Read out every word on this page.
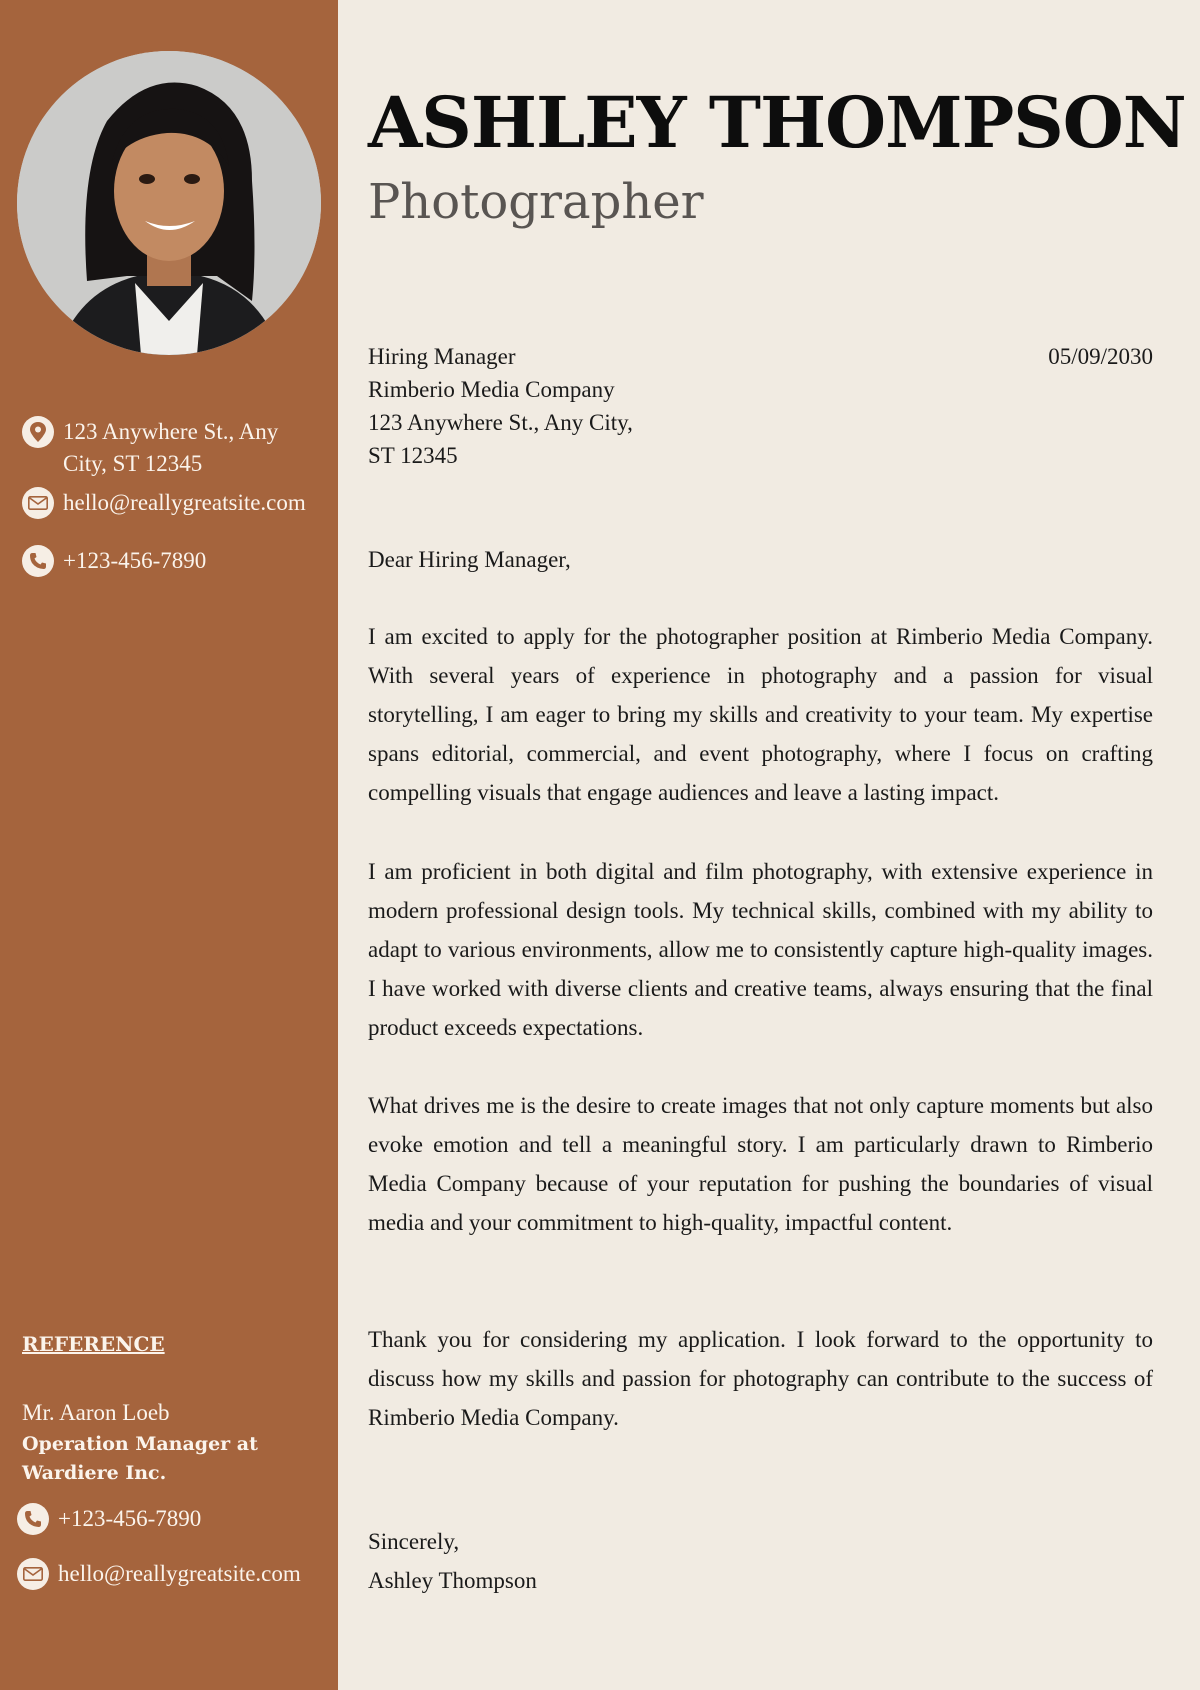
123 Anywhere St., Any City, ST 12345
hello@reallygreatsite.com
+123-456-7890
REFERENCE
Mr. Aaron Loeb
Operation Manager at Wardiere Inc.
+123-456-7890
hello@reallygreatsite.com
ASHLEY THOMPSON
Photographer
Hiring Manager
Rimberio Media Company
123 Anywhere St., Any City,
ST 12345
05/09/2030
Dear Hiring Manager,

I am excited to apply for the photographer position at Rimberio Media Company. With several years of experience in photography and a passion for visual storytelling, I am eager to bring my skills and creativity to your team. My expertise spans editorial, commercial, and event photography, where I focus on crafting compelling visuals that engage audiences and leave a lasting impact.

I am proficient in both digital and film photography, with extensive experience in modern professional design tools. My technical skills, combined with my ability to adapt to various environments, allow me to consistently capture high-quality images. I have worked with diverse clients and creative teams, always ensuring that the final product exceeds expectations.

What drives me is the desire to create images that not only capture moments but also evoke emotion and tell a meaningful story. I am particularly drawn to Rimberio Media Company because of your reputation for pushing the boundaries of visual media and your commitment to high-quality, impactful content.

Thank you for considering my application. I look forward to the opportunity to discuss how my skills and passion for photography can contribute to the success of Rimberio Media Company.

Sincerely,
Ashley Thompson
